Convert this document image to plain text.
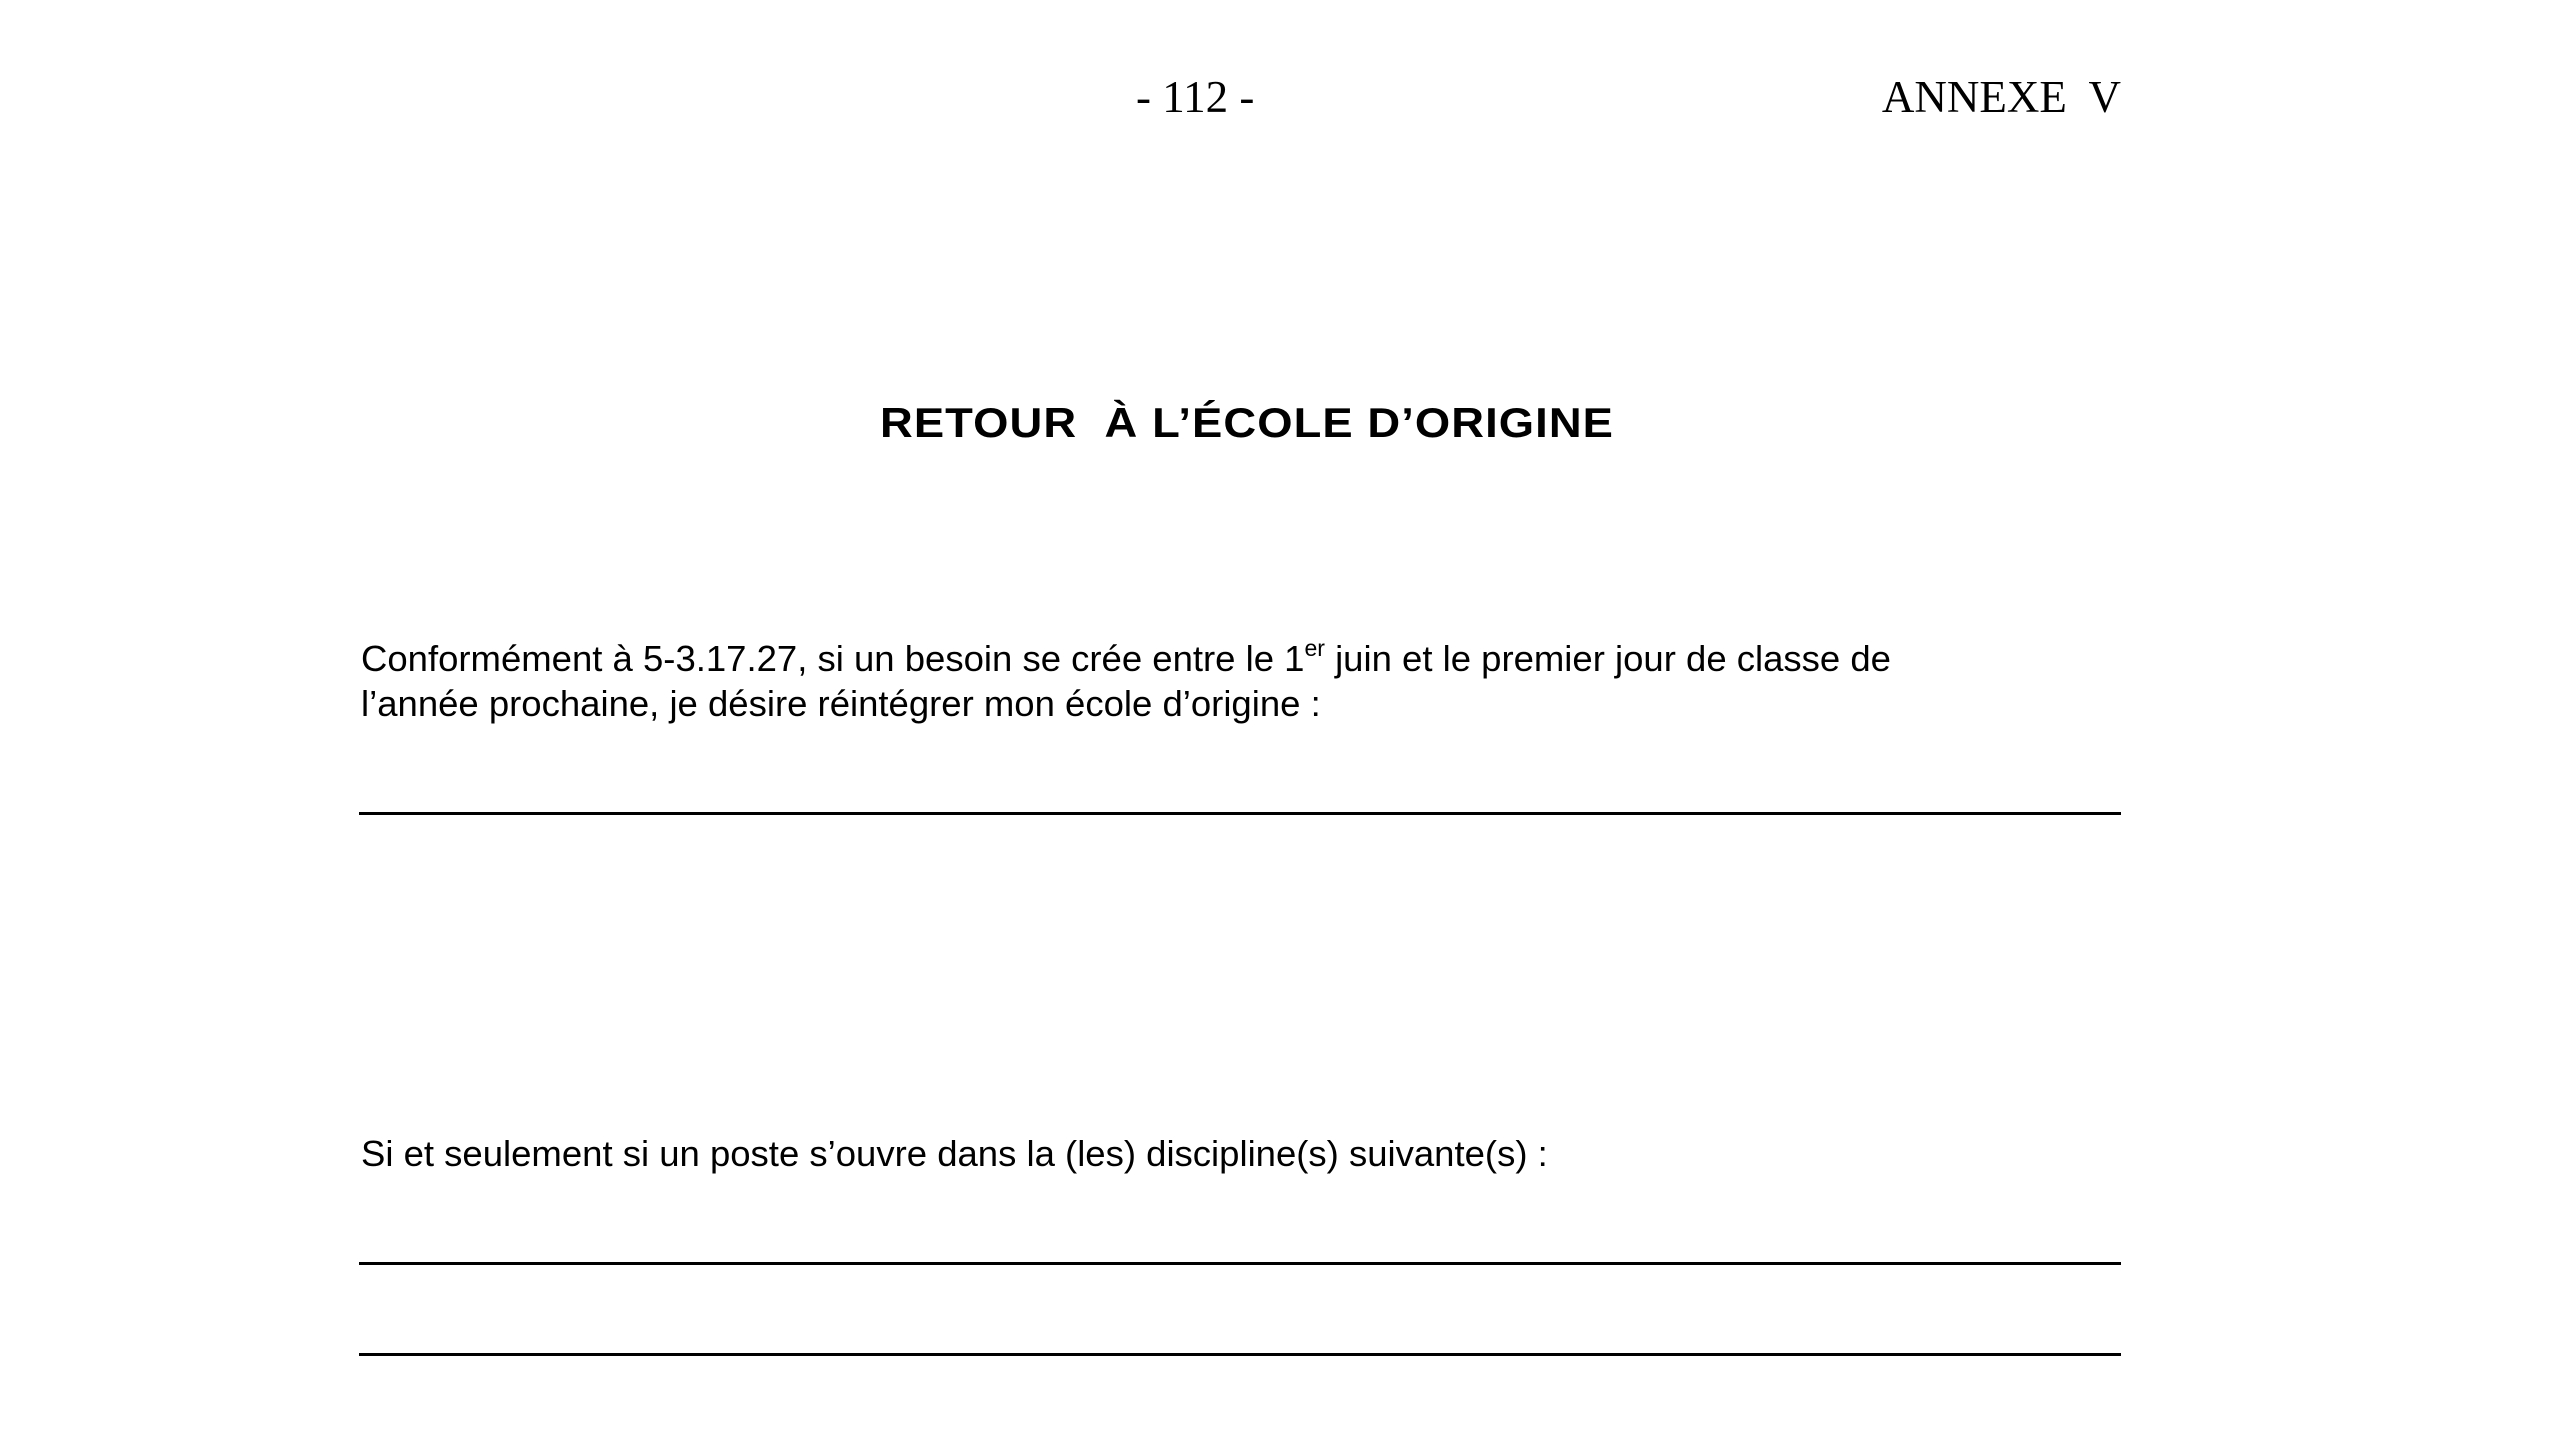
- 112 -	ANNEXE  V
RETOUR  À L’ÉCOLE D’ORIGINE
Conformément à 5-3.17.27, si un besoin se crée entre le 1er juin et le premier jour de classe de
l’année prochaine, je désire réintégrer mon école d’origine :
Si et seulement si un poste s’ouvre dans la (les) discipline(s) suivante(s) :
